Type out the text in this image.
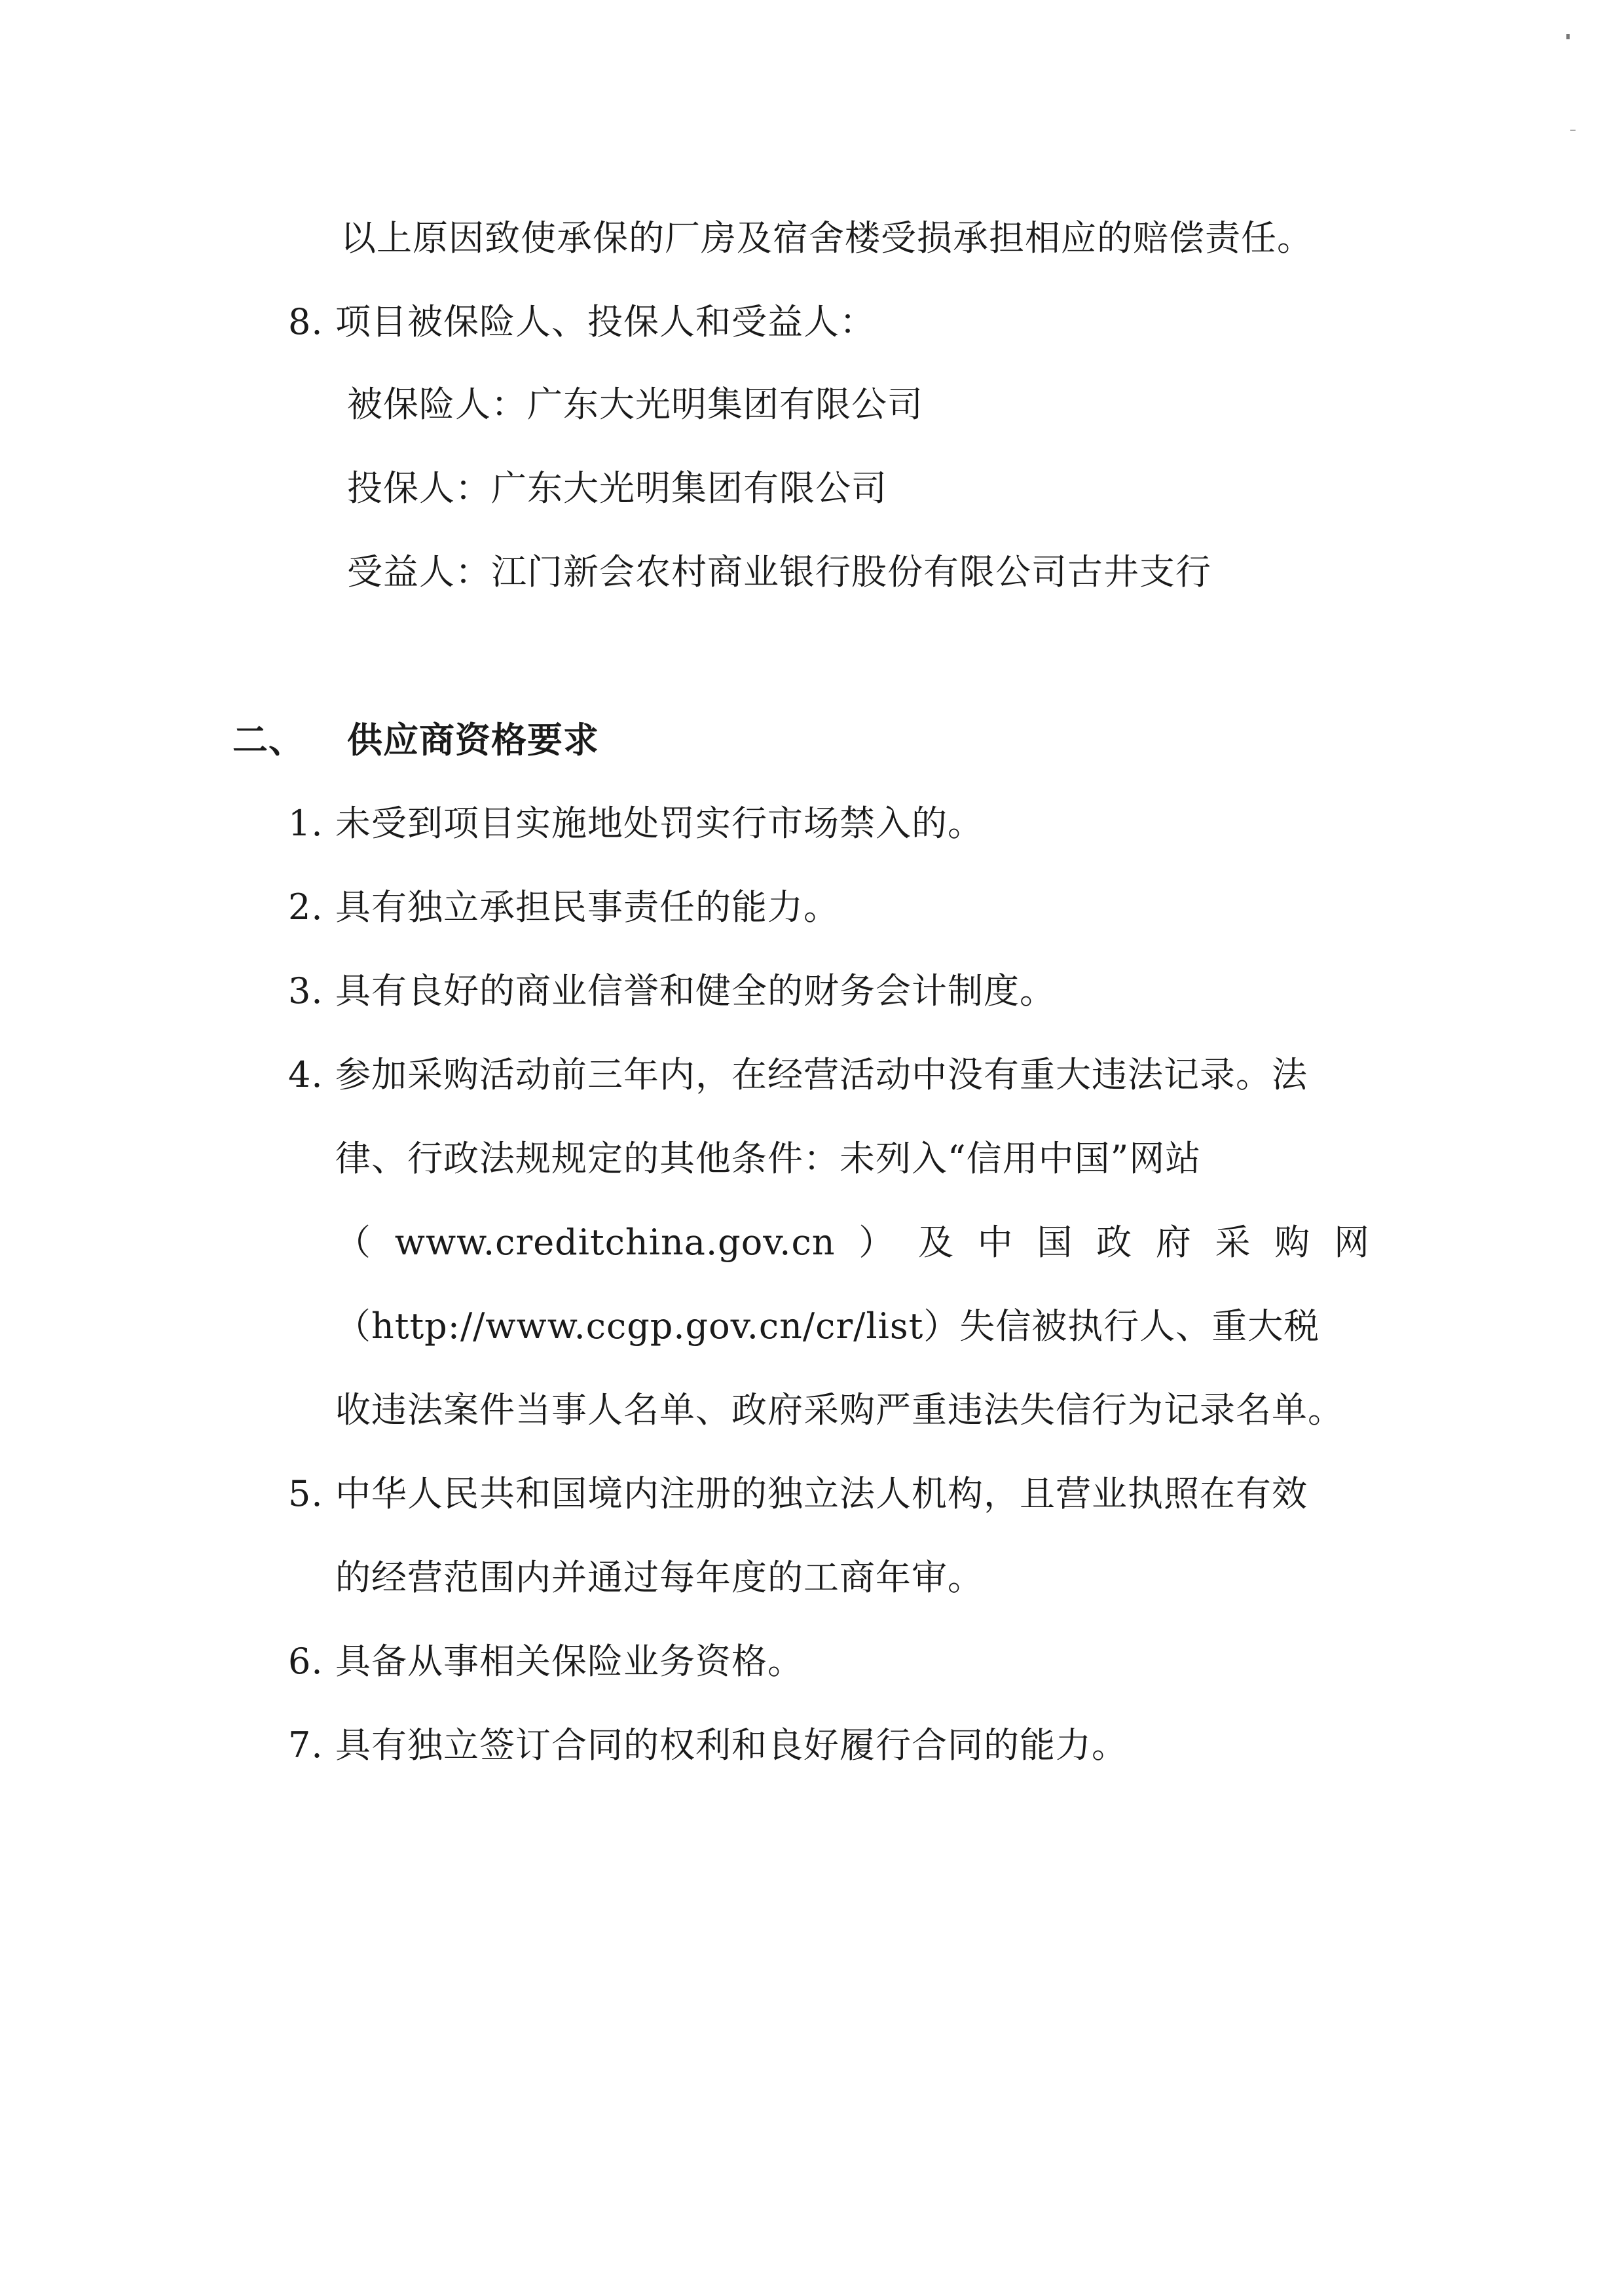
以上原因致使承保的厂房及宿舍楼受损承担相应的赔偿责任。
8. 项目被保险人、投保人和受益人：
被保险人：广东大光明集团有限公司
投保人：广东大光明集团有限公司
受益人：江门新会农村商业银行股份有限公司古井支行
二、 供应商资格要求
1. 未受到项目实施地处罚实行市场禁入的。
2. 具有独立承担民事责任的能力。
3. 具有良好的商业信誉和健全的财务会计制度。
4. 参加采购活动前三年内，在经营活动中没有重大违法记录。法
律、行政法规规定的其他条件：未列入“信用中国”网站
（ www.creditchina.gov.cn ） 及 中 国 政 府 采 购 网
（http://www.ccgp.gov.cn/cr/list）失信被执行人、重大税
收违法案件当事人名单、政府采购严重违法失信行为记录名单。
5. 中华人民共和国境内注册的独立法人机构，且营业执照在有效
的经营范围内并通过每年度的工商年审。
6. 具备从事相关保险业务资格。
7. 具有独立签订合同的权利和良好履行合同的能力。
